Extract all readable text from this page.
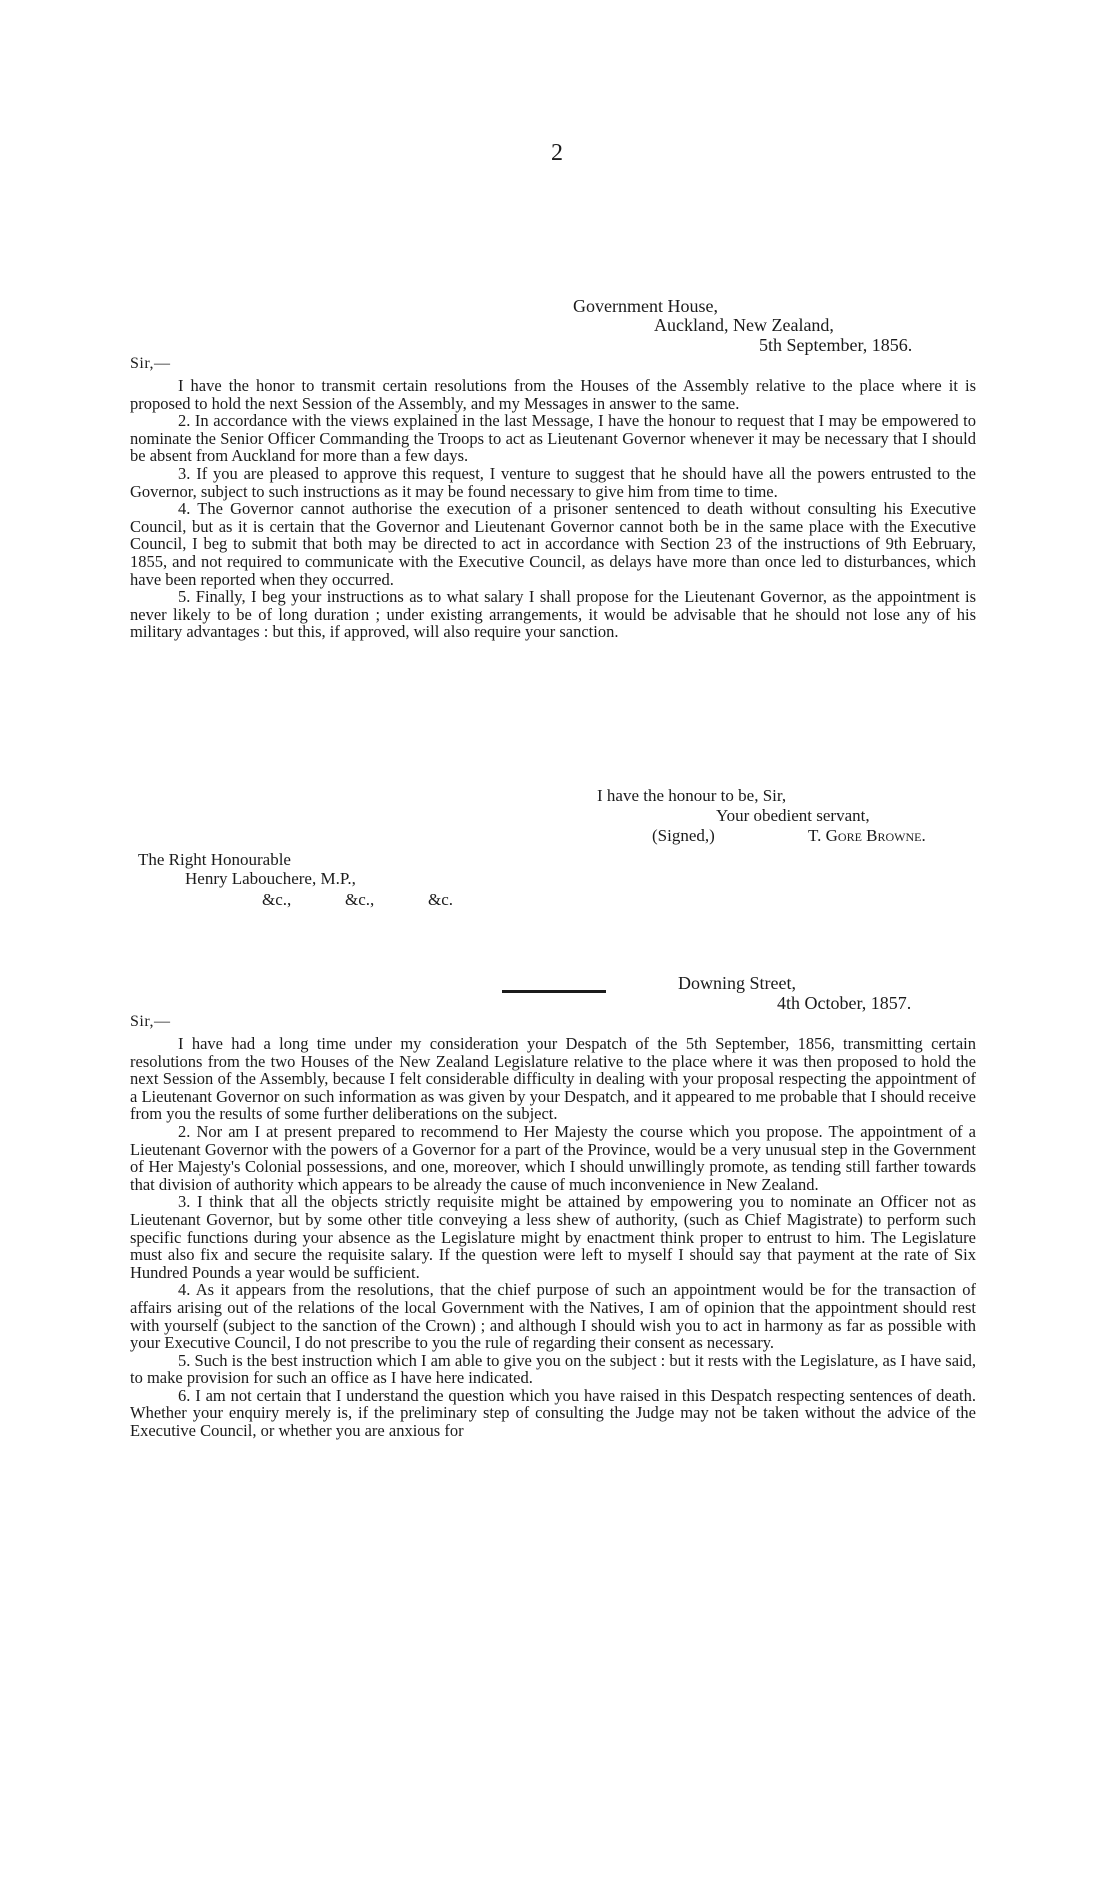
2
Government House,
Auckland, New Zealand,
5th September, 1856.
Sir,—

I have the honor to transmit certain resolutions from the Houses of the Assembly relative to the place where it is proposed to hold the next Session of the Assembly, and my Messages in answer to the same.

2. In accordance with the views explained in the last Message, I have the honour to request that I may be empowered to nominate the Senior Officer Commanding the Troops to act as Lieutenant Governor whenever it may be necessary that I should be absent from Auckland for more than a few days.

3. If you are pleased to approve this request, I venture to suggest that he should have all the powers entrusted to the Governor, subject to such instructions as it may be found necessary to give him from time to time.

4. The Governor cannot authorise the execution of a prisoner sentenced to death without consulting his Executive Council, but as it is certain that the Governor and Lieutenant Governor cannot both be in the same place with the Executive Council, I beg to submit that both may be directed to act in accordance with Section 23 of the instructions of 9th Eebruary, 1855, and not required to communicate with the Executive Council, as delays have more than once led to disturbances, which have been reported when they occurred.

5. Finally, I beg your instructions as to what salary I shall propose for the Lieutenant Governor, as the appointment is never likely to be of long duration ; under existing arrangements, it would be advisable that he should not lose any of his military advantages : but this, if approved, will also require your sanction.

I have the honour to be, Sir,
Your obedient servant,
(Signed,)	T. Gore Browne.
The Right Honourable
Henry Labouchere, M.P.,
&c.,	&c.,	&c.
Downing Street,
4th October, 1857.
Sir,—

I have had a long time under my consideration your Despatch of the 5th September, 1856, transmitting certain resolutions from the two Houses of the New Zealand Legislature relative to the place where it was then proposed to hold the next Session of the Assembly, because I felt considerable difficulty in dealing with your proposal respecting the appointment of a Lieutenant Governor on such information as was given by your Despatch, and it appeared to me probable that I should receive from you the results of some further deliberations on the subject.

2. Nor am I at present prepared to recommend to Her Majesty the course which you propose. The appointment of a Lieutenant Governor with the powers of a Governor for a part of the Province, would be a very unusual step in the Government of Her Majesty's Colonial possessions, and one, moreover, which I should unwillingly promote, as tending still farther towards that division of authority which appears to be already the cause of much inconvenience in New Zealand.

3. I think that all the objects strictly requisite might be attained by empowering you to nominate an Officer not as Lieutenant Governor, but by some other title conveying a less shew of authority, (such as Chief Magistrate) to perform such specific functions during your absence as the Legislature might by enactment think proper to entrust to him. The Legislature must also fix and secure the requisite salary. If the question were left to myself I should say that payment at the rate of Six Hundred Pounds a year would be sufficient.

4. As it appears from the resolutions, that the chief purpose of such an appointment would be for the transaction of affairs arising out of the relations of the local Government with the Natives, I am of opinion that the appointment should rest with yourself (subject to the sanction of the Crown) ; and although I should wish you to act in harmony as far as possible with your Executive Council, I do not prescribe to you the rule of regarding their consent as necessary.

5. Such is the best instruction which I am able to give you on the subject : but it rests with the Legislature, as I have said, to make provision for such an office as I have here indicated.

6. I am not certain that I understand the question which you have raised in this Despatch respecting sentences of death. Whether your enquiry merely is, if the preliminary step of consulting the Judge may not be taken without the advice of the Executive Council, or whether you are anxious for
